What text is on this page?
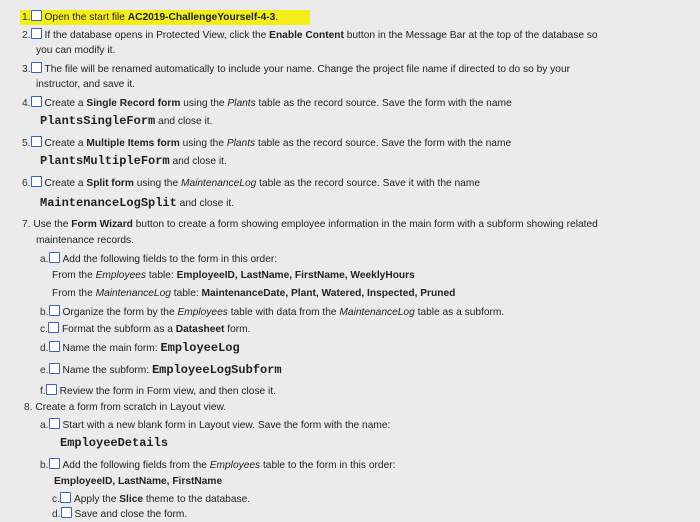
1. Open the start file AC2019-ChallengeYourself-4-3.
2. If the database opens in Protected View, click the Enable Content button in the Message Bar at the top of the database so
you can modify it.
3. The file will be renamed automatically to include your name. Change the project file name if directed to do so by your
instructor, and save it.
4. Create a Single Record form using the Plants table as the record source. Save the form with the name
PlantsSingleForm and close it.
5. Create a Multiple Items form using the Plants table as the record source. Save the form with the name
PlantsMultipleForm and close it.
6. Create a Split form using the MaintenanceLog table as the record source. Save it with the name
MaintenanceLogSplit and close it.
7. Use the Form Wizard button to create a form showing employee information in the main form with a subform showing related
maintenance records.
a. Add the following fields to the form in this order:
From the Employees table: EmployeeID, LastName, FirstName, WeeklyHours
From the MaintenanceLog table: MaintenanceDate, Plant, Watered, Inspected, Pruned
b. Organize the form by the Employees table with data from the MaintenanceLog table as a subform.
c. Format the subform as a Datasheet form.
d. Name the main form: EmployeeLog
e. Name the subform: EmployeeLogSubform
f. Review the form in Form view, and then close it.
8. Create a form from scratch in Layout view.
a. Start with a new blank form in Layout view. Save the form with the name:
EmployeeDetails
b. Add the following fields from the Employees table to the form in this order:
EmployeeID, LastName, FirstName
c. Apply the Slice theme to the database.
d. Save and close the form.
